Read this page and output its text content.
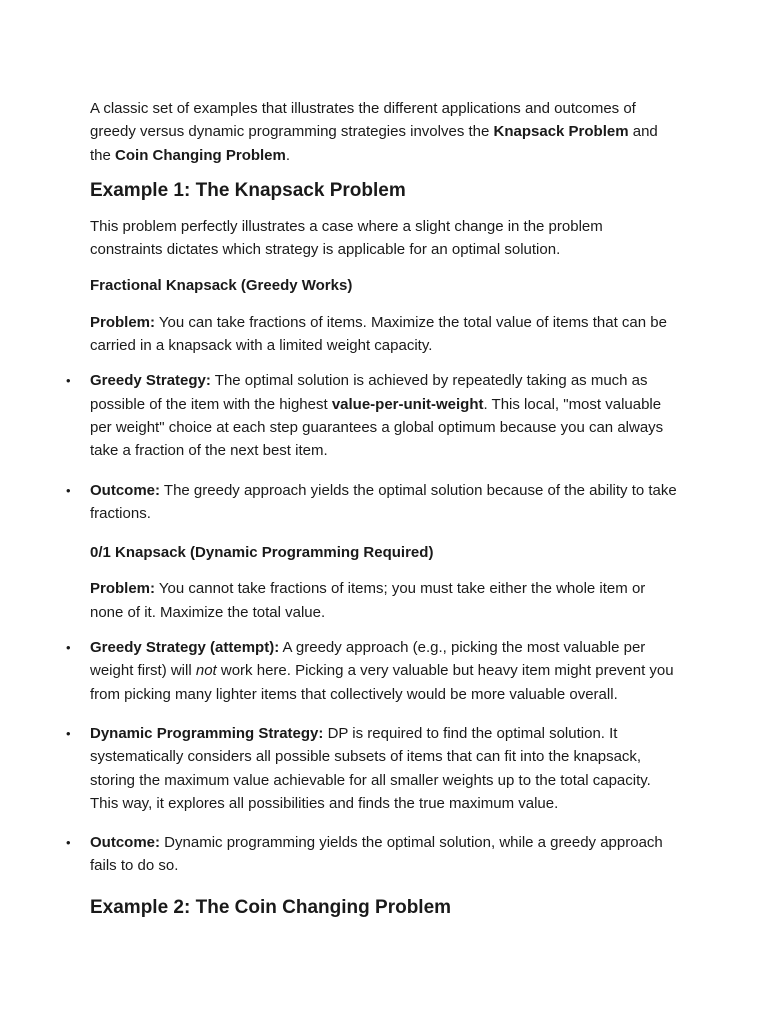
A classic set of examples that illustrates the different applications and outcomes of greedy versus dynamic programming strategies involves the Knapsack Problem and the Coin Changing Problem.

Example 1: The Knapsack Problem

This problem perfectly illustrates a case where a slight change in the problem constraints dictates which strategy is applicable for an optimal solution.

Fractional Knapsack (Greedy Works)

Problem: You can take fractions of items. Maximize the total value of items that can be carried in a knapsack with a limited weight capacity.

• Greedy Strategy: The optimal solution is achieved by repeatedly taking as much as possible of the item with the highest value-per-unit-weight. This local, "most valuable per weight" choice at each step guarantees a global optimum because you can always take a fraction of the next best item.
• Outcome: The greedy approach yields the optimal solution because of the ability to take fractions.

0/1 Knapsack (Dynamic Programming Required)

Problem: You cannot take fractions of items; you must take either the whole item or none of it. Maximize the total value.

• Greedy Strategy (attempt): A greedy approach (e.g., picking the most valuable per weight first) will not work here. Picking a very valuable but heavy item might prevent you from picking many lighter items that collectively would be more valuable overall.
• Dynamic Programming Strategy: DP is required to find the optimal solution. It systematically considers all possible subsets of items that can fit into the knapsack, storing the maximum value achievable for all smaller weights up to the total capacity. This way, it explores all possibilities and finds the true maximum value.
• Outcome: Dynamic programming yields the optimal solution, while a greedy approach fails to do so.
Example 2: The Coin Changing Problem
